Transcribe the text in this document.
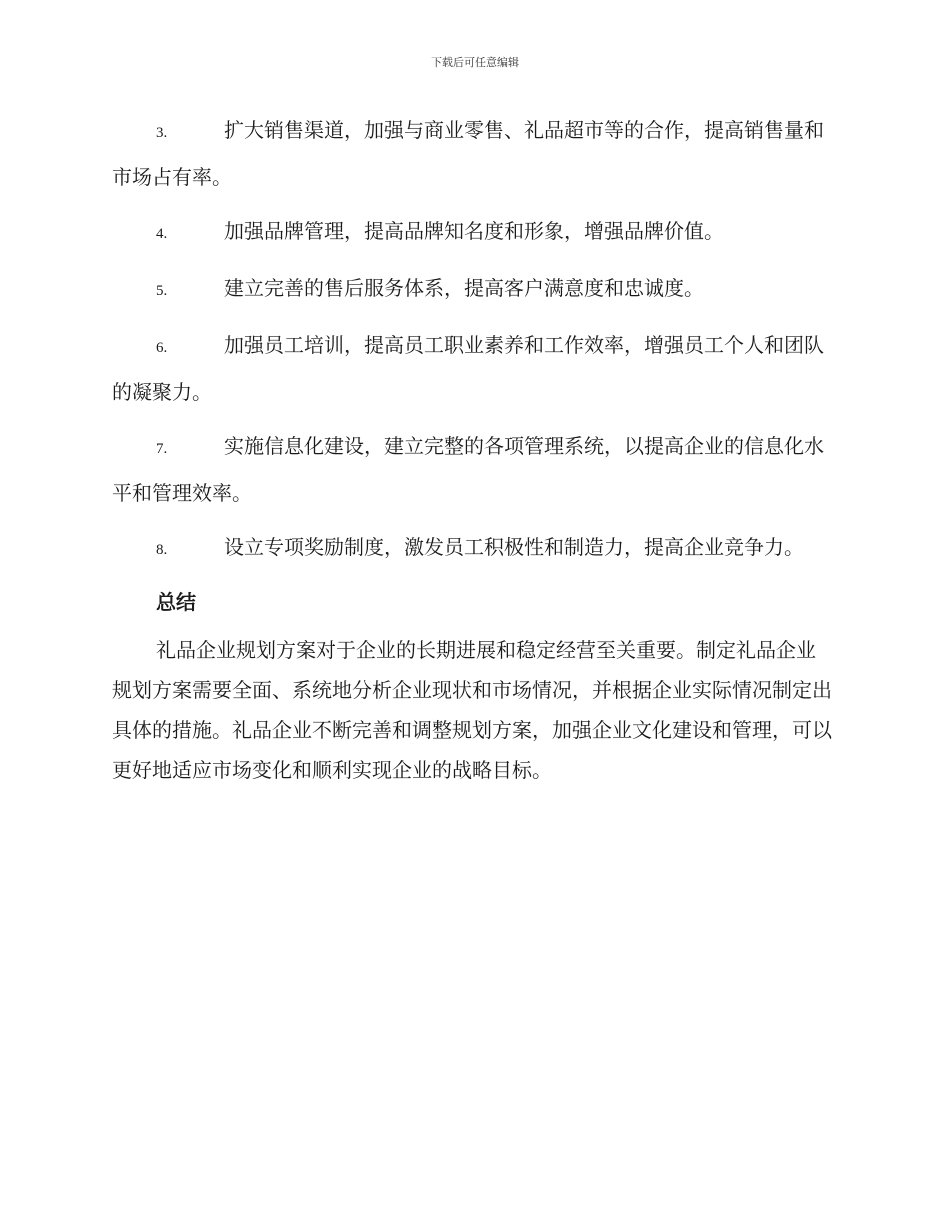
下载后可任意编辑
3.	扩大销售渠道，加强与商业零售、礼品超市等的合作，提高销售量和市场占有率。
4.	加强品牌管理，提高品牌知名度和形象，增强品牌价值。
5.	建立完善的售后服务体系，提高客户满意度和忠诚度。
6.	加强员工培训，提高员工职业素养和工作效率，增强员工个人和团队的凝聚力。
7.	实施信息化建设，建立完整的各项管理系统，以提高企业的信息化水平和管理效率。
8.	设立专项奖励制度，激发员工积极性和制造力，提高企业竞争力。
总结

礼品企业规划方案对于企业的长期进展和稳定经营至关重要。制定礼品企业规划方案需要全面、系统地分析企业现状和市场情况，并根据企业实际情况制定出具体的措施。礼品企业不断完善和调整规划方案，加强企业文化建设和管理，可以更好地适应市场变化和顺利实现企业的战略目标。
